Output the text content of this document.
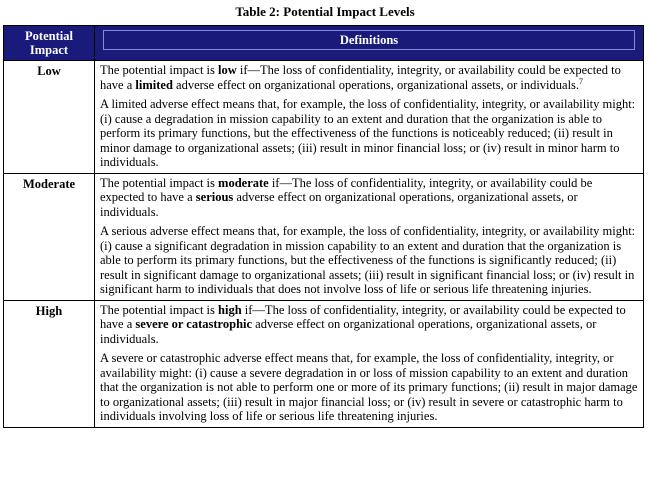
Table 2: Potential Impact Levels
Potential Impact	Definitions

Low	The potential impact is low if—The loss of confidentiality, integrity, or availability could be expected to have a limited adverse effect on organizational operations, organizational assets, or individuals.$^7$

A limited adverse effect means that, for example, the loss of confidentiality, integrity, or availability might: (i) cause a degradation in mission capability to an extent and duration that the organization is able to perform its primary functions, but the effectiveness of the functions is noticeably reduced; (ii) result in minor damage to organizational assets; (iii) result in minor financial loss; or (iv) result in minor harm to individuals.

Moderate	The potential impact is moderate if—The loss of confidentiality, integrity, or availability could be expected to have a serious adverse effect on organizational operations, organizational assets, or individuals.

A serious adverse effect means that, for example, the loss of confidentiality, integrity, or availability might: (i) cause a significant degradation in mission capability to an extent and duration that the organization is able to perform its primary functions, but the effectiveness of the functions is significantly reduced; (ii) result in significant damage to organizational assets; (iii) result in significant financial loss; or (iv) result in significant harm to individuals that does not involve loss of life or serious life threatening injuries.

High	The potential impact is high if—The loss of confidentiality, integrity, or availability could be expected to have a severe or catastrophic adverse effect on organizational operations, organizational assets, or individuals.

A severe or catastrophic adverse effect means that, for example, the loss of confidentiality, integrity, or availability might: (i) cause a severe degradation in or loss of mission capability to an extent and duration that the organization is not able to perform one or more of its primary functions; (ii) result in major damage to organizational assets; (iii) result in major financial loss; or (iv) result in severe or catastrophic harm to individuals involving loss of life or serious life threatening injuries.
